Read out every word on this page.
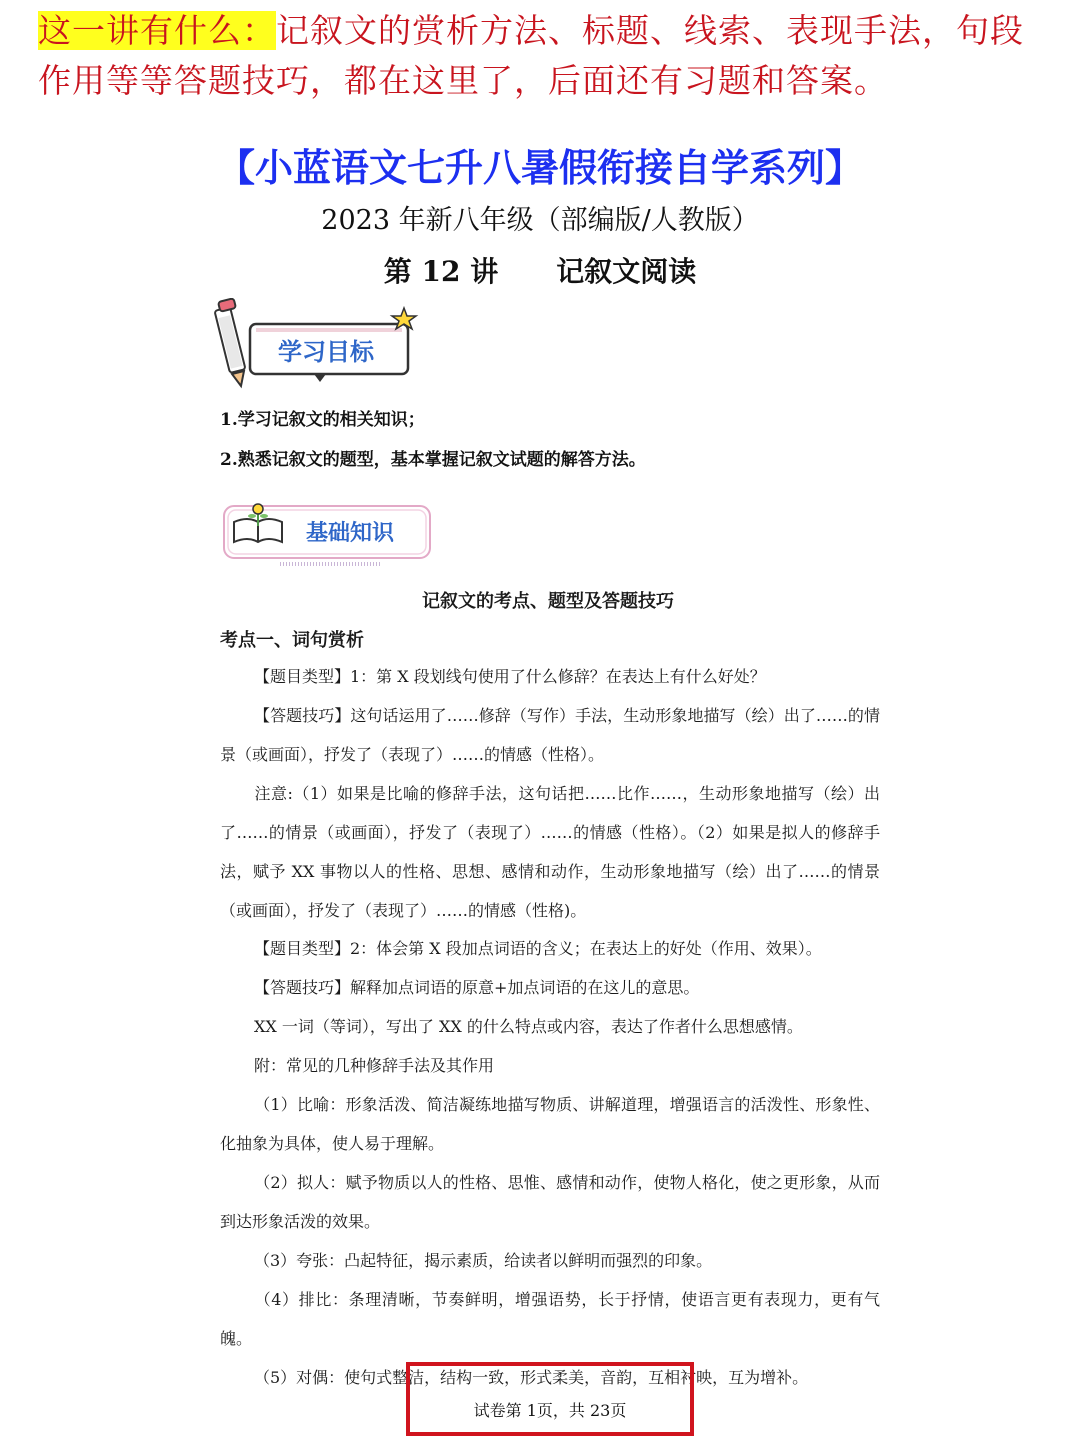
这一讲有什么：记叙文的赏析方法、标题、线索、表现手法，句段作用等等答题技巧，都在这里了，后面还有习题和答案。
【小蓝语文七升八暑假衔接自学系列】
2023 年新八年级（部编版/人教版）
第 12 讲 记叙文阅读
学习目标
1.学习记叙文的相关知识；
2.熟悉记叙文的题型，基本掌握记叙文试题的解答方法。
基础知识
记叙文的考点、题型及答题技巧
考点一、词句赏析
【题目类型】1：第 X 段划线句使用了什么修辞？在表达上有什么好处？
【答题技巧】这句话运用了……修辞（写作）手法，生动形象地描写（绘）出了……的情景（或画面），抒发了（表现了）……的情感（性格）。
注意:（1）如果是比喻的修辞手法，这句话把……比作……，生动形象地描写（绘）出了……的情景（或画面），抒发了（表现了）……的情感（性格）。（2）如果是拟人的修辞手法，赋予 XX 事物以人的性格、思想、感情和动作，生动形象地描写（绘）出了……的情景（或画面），抒发了（表现了）……的情感（性格)。
【题目类型】2：体会第 X 段加点词语的含义；在表达上的好处（作用、效果）。
【答题技巧】解释加点词语的原意+加点词语的在这儿的意思。
XX 一词（等词），写出了 XX 的什么特点或内容，表达了作者什么思想感情。
附：常见的几种修辞手法及其作用
（1）比喻：形象活泼、简洁凝练地描写物质、讲解道理，增强语言的活泼性、形象性、化抽象为具体，使人易于理解。
（2）拟人：赋予物质以人的性格、思惟、感情和动作，使物人格化，使之更形象，从而到达形象活泼的效果。
（3）夸张：凸起特征，揭示素质，给读者以鲜明而强烈的印象。
（4）排比：条理清晰，节奏鲜明，增强语势，长于抒情，使语言更有表现力，更有气魄。
（5）对偶：使句式整洁，结构一致，形式柔美，音韵，互相衬映，互为增补。
试卷第 1页，共 23页
